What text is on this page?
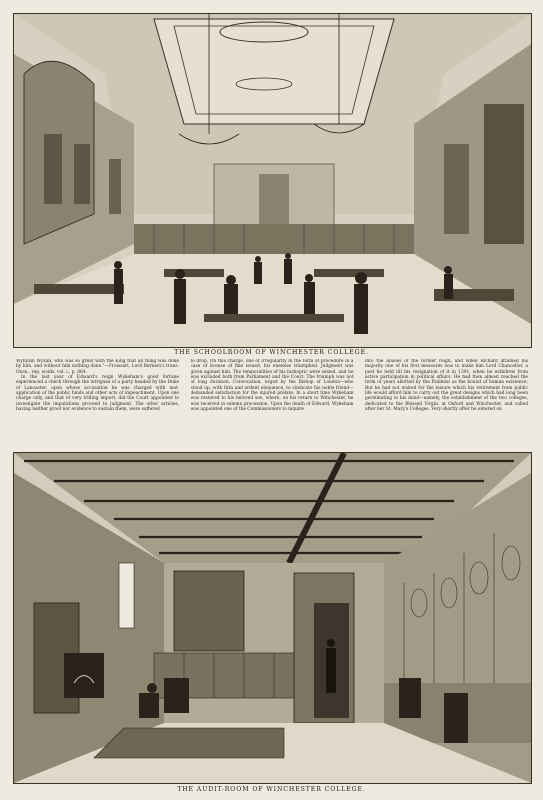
THE SCHOOLROOM OF WINCHESTER COLLEGE.

Wyllyam Wyxan, who was so great with the King that all thing was done by him, and without him nothing done."—Froissart, Lord Berners's trans. Oxon., rep. sculls, vol. i., p. 864.

In the last year of Edward's reign Wykeham's good fortune experienced a check through the intrigues of a party headed by the Duke of Lancaster, upon whose accusation he was charged with mal-application of the public funds and other acts of impeachment. Upon one charge only, and that of very trifling import, did the Court appointed to investigate the imputations proceed to judgment. The other articles, having neither proof nor evidence to sustain them, were suffered

to drop. On this charge, one of irregularity in the form of procedure in a case of license of fine issued, his enemies triumphed. Judgment was given against him. The temporalities of his bishopric were seized, and he was excluded both from Parliament and the Court. The triumph was not of long duration. Convocation, urged by the Bishop of London—who stood up, with firm and ardent eloquence, to vindicate his noble friend—demanded satisfaction for the injured prelate. In a short time Wykeham was restored to his beloved see, where, on his return to Winchester, he was received in solemn procession. Upon the death of Edward, Wykeham was appointed one of the Commissioners to inquire

into the abuses of the former reign, and when Richard attained his majority one of his first measures was to make him Lord Chancellor, a post he held till his resignation of it in 1391, when he withdrew from active participation in political affairs. He had then almost reached the term of years allotted by the Psalmist as the bound of human existence. But he had not waited for the leisure which his retirement from public life would afford him to carry out the great designs which had long been germinating in his mind—namely, the establishment of the two colleges, dedicated to the Blessed Virgin, at Oxford and Winchester, and called after her St. Mary's Colleges. Very shortly after he entered on

THE AUDIT-ROOM OF WINCHESTER COLLEGE.
